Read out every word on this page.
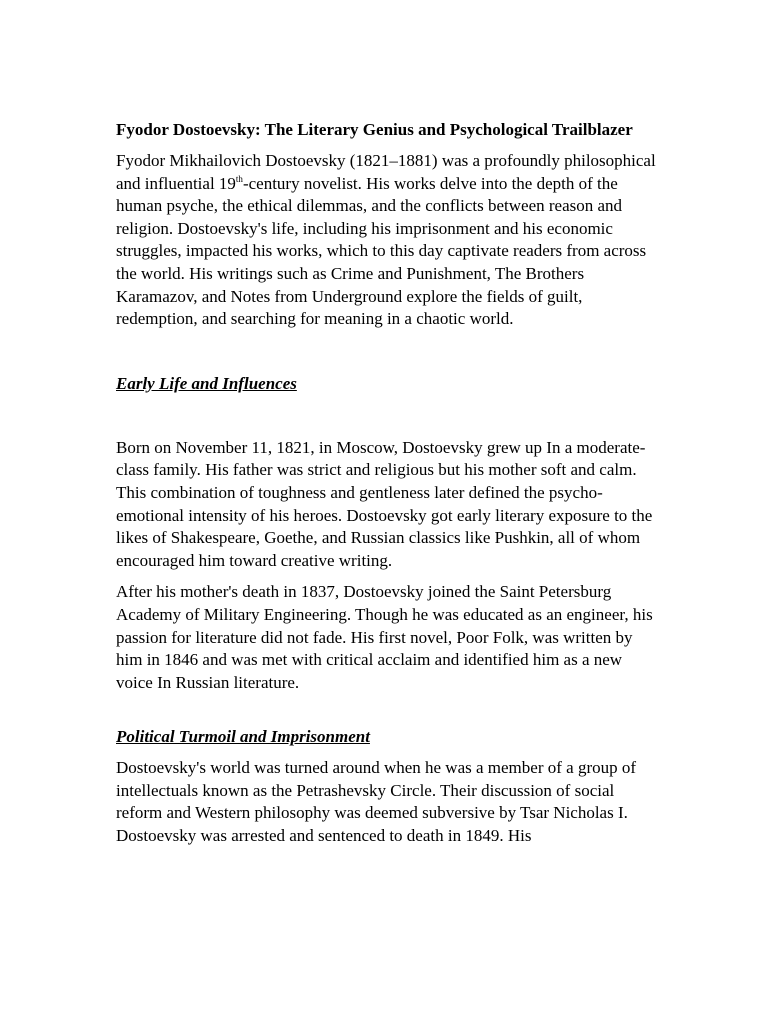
Fyodor Dostoevsky: The Literary Genius and Psychological Trailblazer

Fyodor Mikhailovich Dostoevsky (1821–1881) was a profoundly philosophical and influential 19th-century novelist. His works delve into the depth of the human psyche, the ethical dilemmas, and the conflicts between reason and religion. Dostoevsky's life, including his imprisonment and his economic struggles, impacted his works, which to this day captivate readers from across the world. His writings such as Crime and Punishment, The Brothers Karamazov, and Notes from Underground explore the fields of guilt, redemption, and searching for meaning in a chaotic world.

Early Life and Influences

Born on November 11, 1821, in Moscow, Dostoevsky grew up In a moderate-class family. His father was strict and religious but his mother soft and calm. This combination of toughness and gentleness later defined the psycho-emotional intensity of his heroes. Dostoevsky got early literary exposure to the likes of Shakespeare, Goethe, and Russian classics like Pushkin, all of whom encouraged him toward creative writing.

After his mother's death in 1837, Dostoevsky joined the Saint Petersburg Academy of Military Engineering. Though he was educated as an engineer, his passion for literature did not fade. His first novel, Poor Folk, was written by him in 1846 and was met with critical acclaim and identified him as a new voice In Russian literature.

Political Turmoil and Imprisonment

Dostoevsky's world was turned around when he was a member of a group of intellectuals known as the Petrashevsky Circle. Their discussion of social reform and Western philosophy was deemed subversive by Tsar Nicholas I. Dostoevsky was arrested and sentenced to death in 1849. His
